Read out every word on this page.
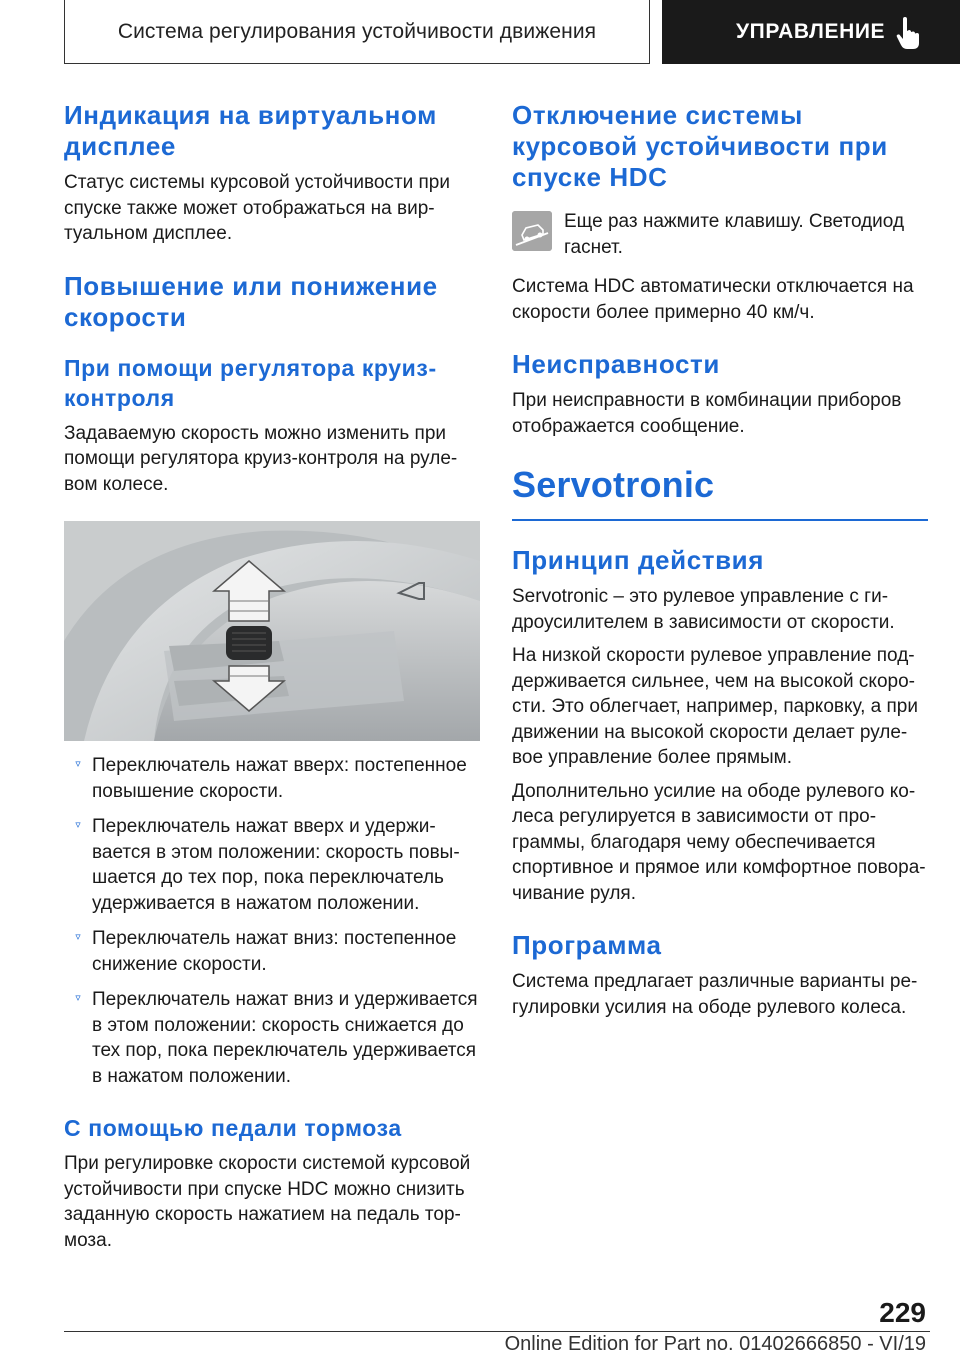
Система регулирования устойчивости движения	УПРАВЛЕНИЕ
Индикация на виртуальном дисплее
Статус системы курсовой устойчивости при спуске также может отображаться на вир-туальном дисплее.
Повышение или понижение скорости
При помощи регулятора круиз-контроля
Задаваемую скорость можно изменить при помощи регулятора круиз-контроля на руле-вом колесе.
Переключатель нажат вверх: постепенное повышение скорости.
Переключатель нажат вверх и удержи-вается в этом положении: скорость повы-шается до тех пор, пока переключатель удерживается в нажатом положении.
Переключатель нажат вниз: постепенное снижение скорости.
Переключатель нажат вниз и удерживается в этом положении: скорость снижается до тех пор, пока переключатель удерживается в нажатом положении.
С помощью педали тормоза
При регулировке скорости системой курсовой устойчивости при спуске HDC можно снизить заданную скорость нажатием на педаль тор-моза.
Отключение системы курсовой устойчивости при спуске HDC
Еще раз нажмите клавишу. Светодиод гаснет.
Система HDC автоматически отключается на скорости более примерно 40 км/ч.
Неисправности
При неисправности в комбинации приборов отображается сообщение.
Servotronic
Принцип действия
Servotronic – это рулевое управление с ги-дроусилителем в зависимости от скорости.
На низкой скорости рулевое управление под-держивается сильнее, чем на высокой скоро-сти. Это облегчает, например, парковку, а при движении на высокой скорости делает руле-вое управление более прямым.
Дополнительно усилие на ободе рулевого ко-леса регулируется в зависимости от про-граммы, благодаря чему обеспечивается спортивное и прямое или комфортное повора-чивание руля.
Программа
Система предлагает различные варианты ре-гулировки усилия на ободе рулевого колеса.
229
Online Edition for Part no. 01402666850 - VI/19
